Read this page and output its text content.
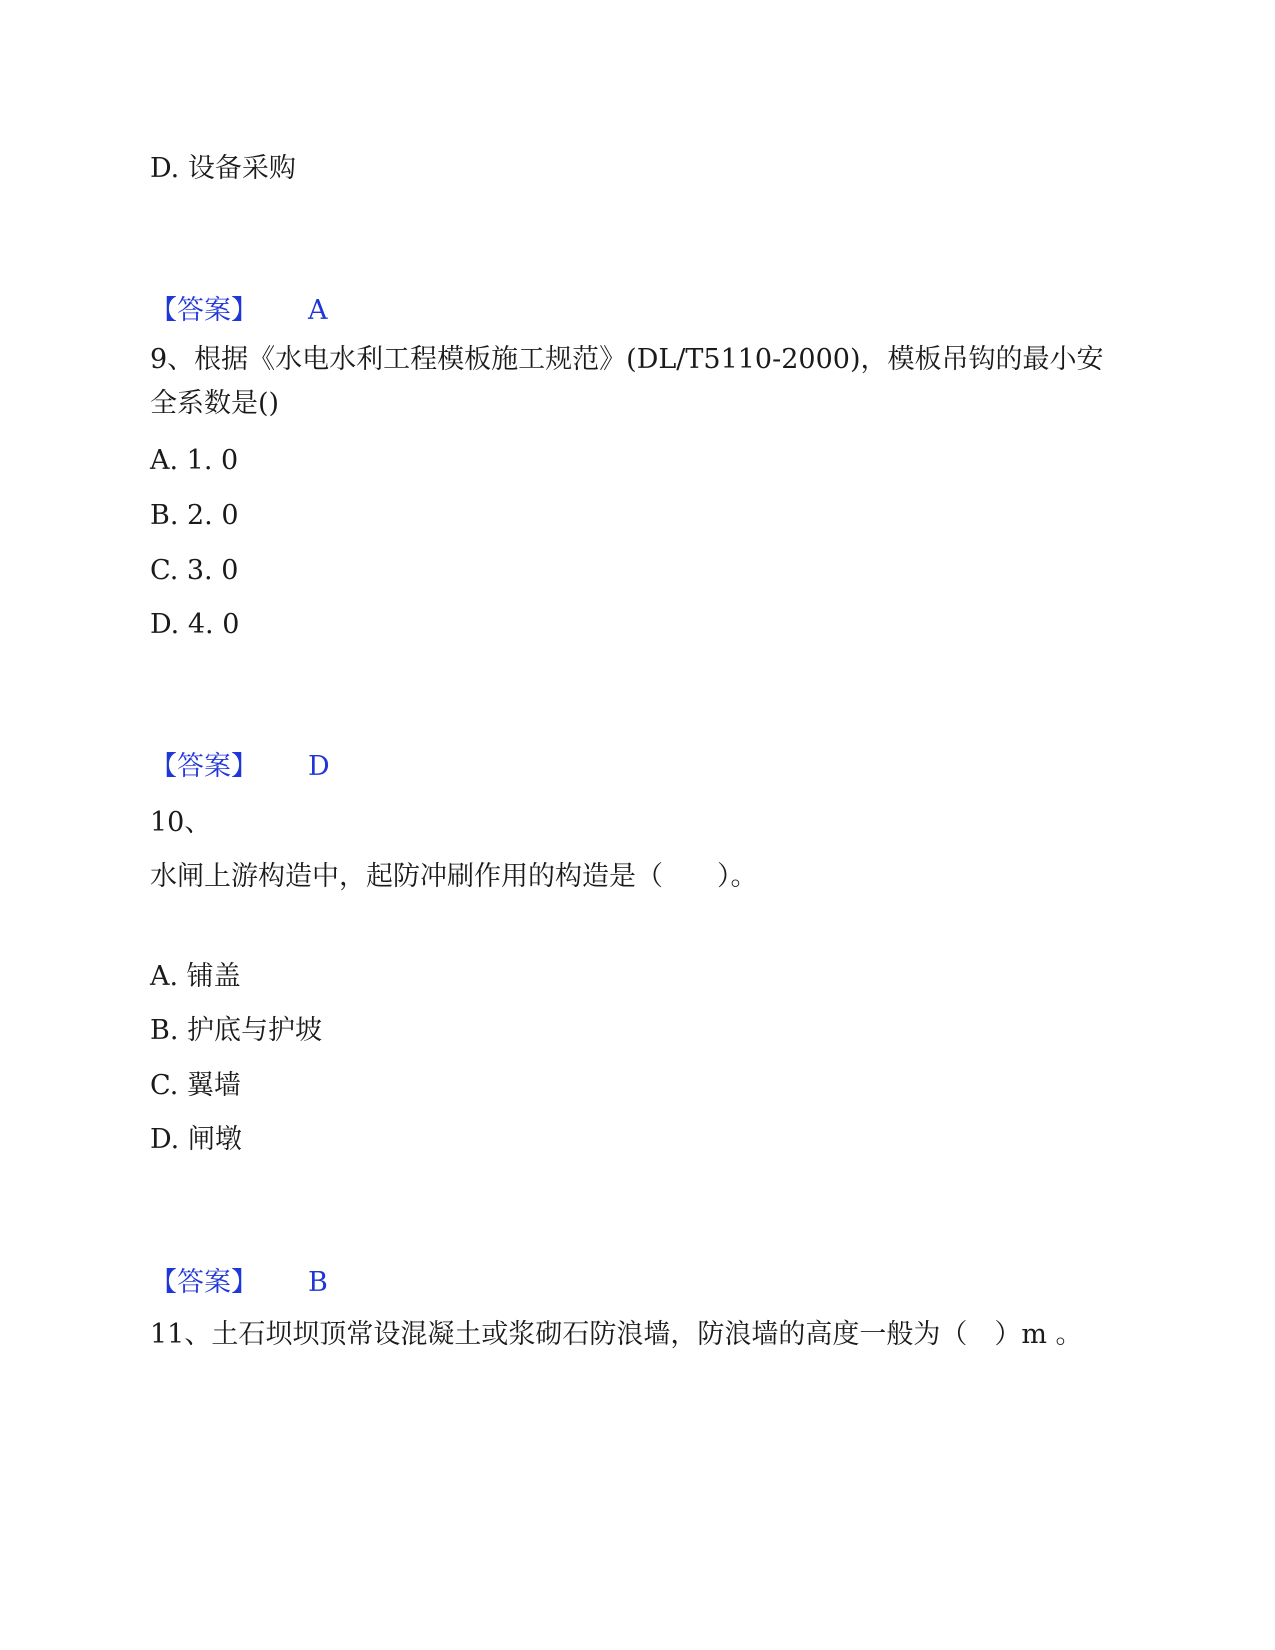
D. 设备采购
【答案】 A
9、根据《水电水利工程模板施工规范》(DL/T5110-2000)，模板吊钩的最小安全系数是()
A. 1. 0
B. 2. 0
C. 3. 0
D. 4. 0
【答案】 D
10、
水闸上游构造中，起防冲刷作用的构造是（　　）。
A. 铺盖
B. 护底与护坡
C. 翼墙
D. 闸墩
【答案】 B
11、土石坝坝顶常设混凝土或浆砌石防浪墙，防浪墙的高度一般为（　）m 。
